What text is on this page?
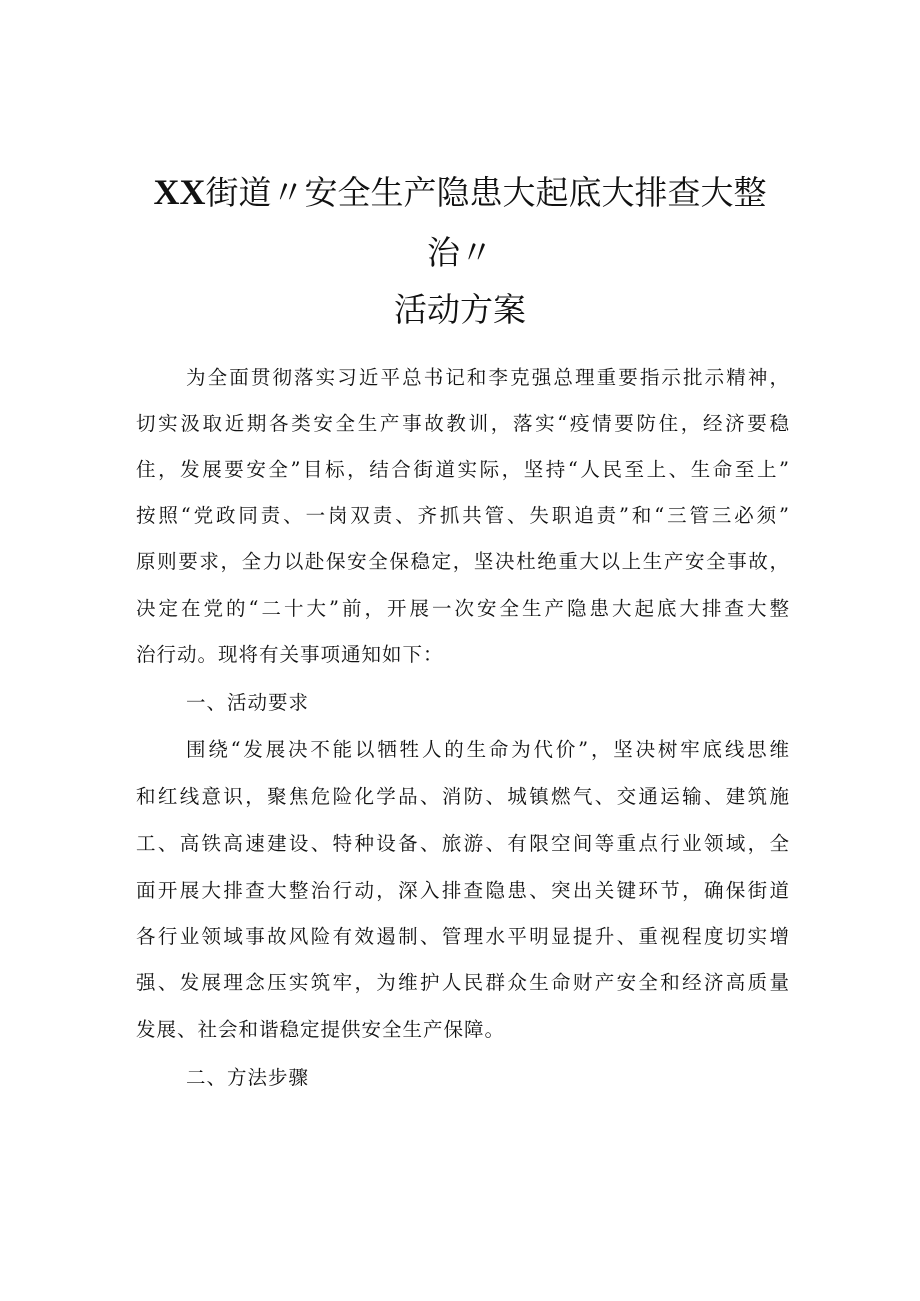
XX街道〃安全生产隐患大起底大排查大整
治〃
活动方案
为全面贯彻落实习近平总书记和李克强总理重要指示批示精神，
切实汲取近期各类安全生产事故教训，落实“疫情要防住，经济要稳
住，发展要安全”目标，结合街道实际，坚持“人民至上、生命至上”
按照“党政同责、一岗双责、齐抓共管、失职追责”和“三管三必须”
原则要求，全力以赴保安全保稳定，坚决杜绝重大以上生产安全事故，
决定在党的“二十大”前，开展一次安全生产隐患大起底大排查大整
治行动。现将有关事项通知如下：
一、活动要求
围绕“发展决不能以牺牲人的生命为代价”，坚决树牢底线思维
和红线意识，聚焦危险化学品、消防、城镇燃气、交通运输、建筑施
工、高铁高速建设、特种设备、旅游、有限空间等重点行业领域，全
面开展大排查大整治行动，深入排查隐患、突出关键环节，确保街道
各行业领域事故风险有效遏制、管理水平明显提升、重视程度切实增
强、发展理念压实筑牢，为维护人民群众生命财产安全和经济高质量
发展、社会和谐稳定提供安全生产保障。
二、方法步骤
